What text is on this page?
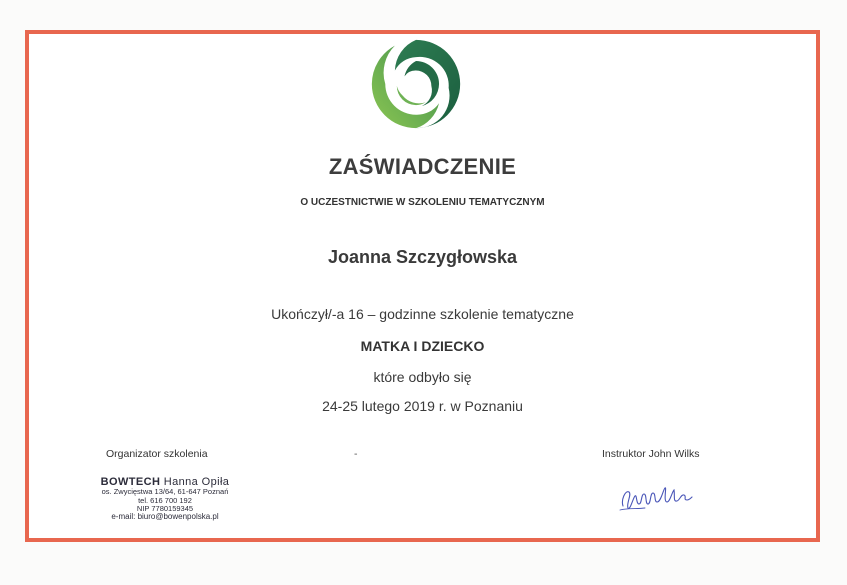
ZAŚWIADCZENIE
O UCZESTNICTWIE W SZKOLENIU TEMATYCZNYM
Joanna Szczygłowska
Ukończył/-a 16 – godzinne szkolenie tematyczne
MATKA I DZIECKO
które odbyło się
24-25 lutego 2019 r. w Poznaniu
Organizator szkolenia	-	Instruktor John Wilks
BOWTECH Hanna Opiła
os. Zwycięstwa 13/64, 61-647 Poznań
tel. 616 700 192
NIP 7780159345
e-mail: biuro@bowenpolska.pl
